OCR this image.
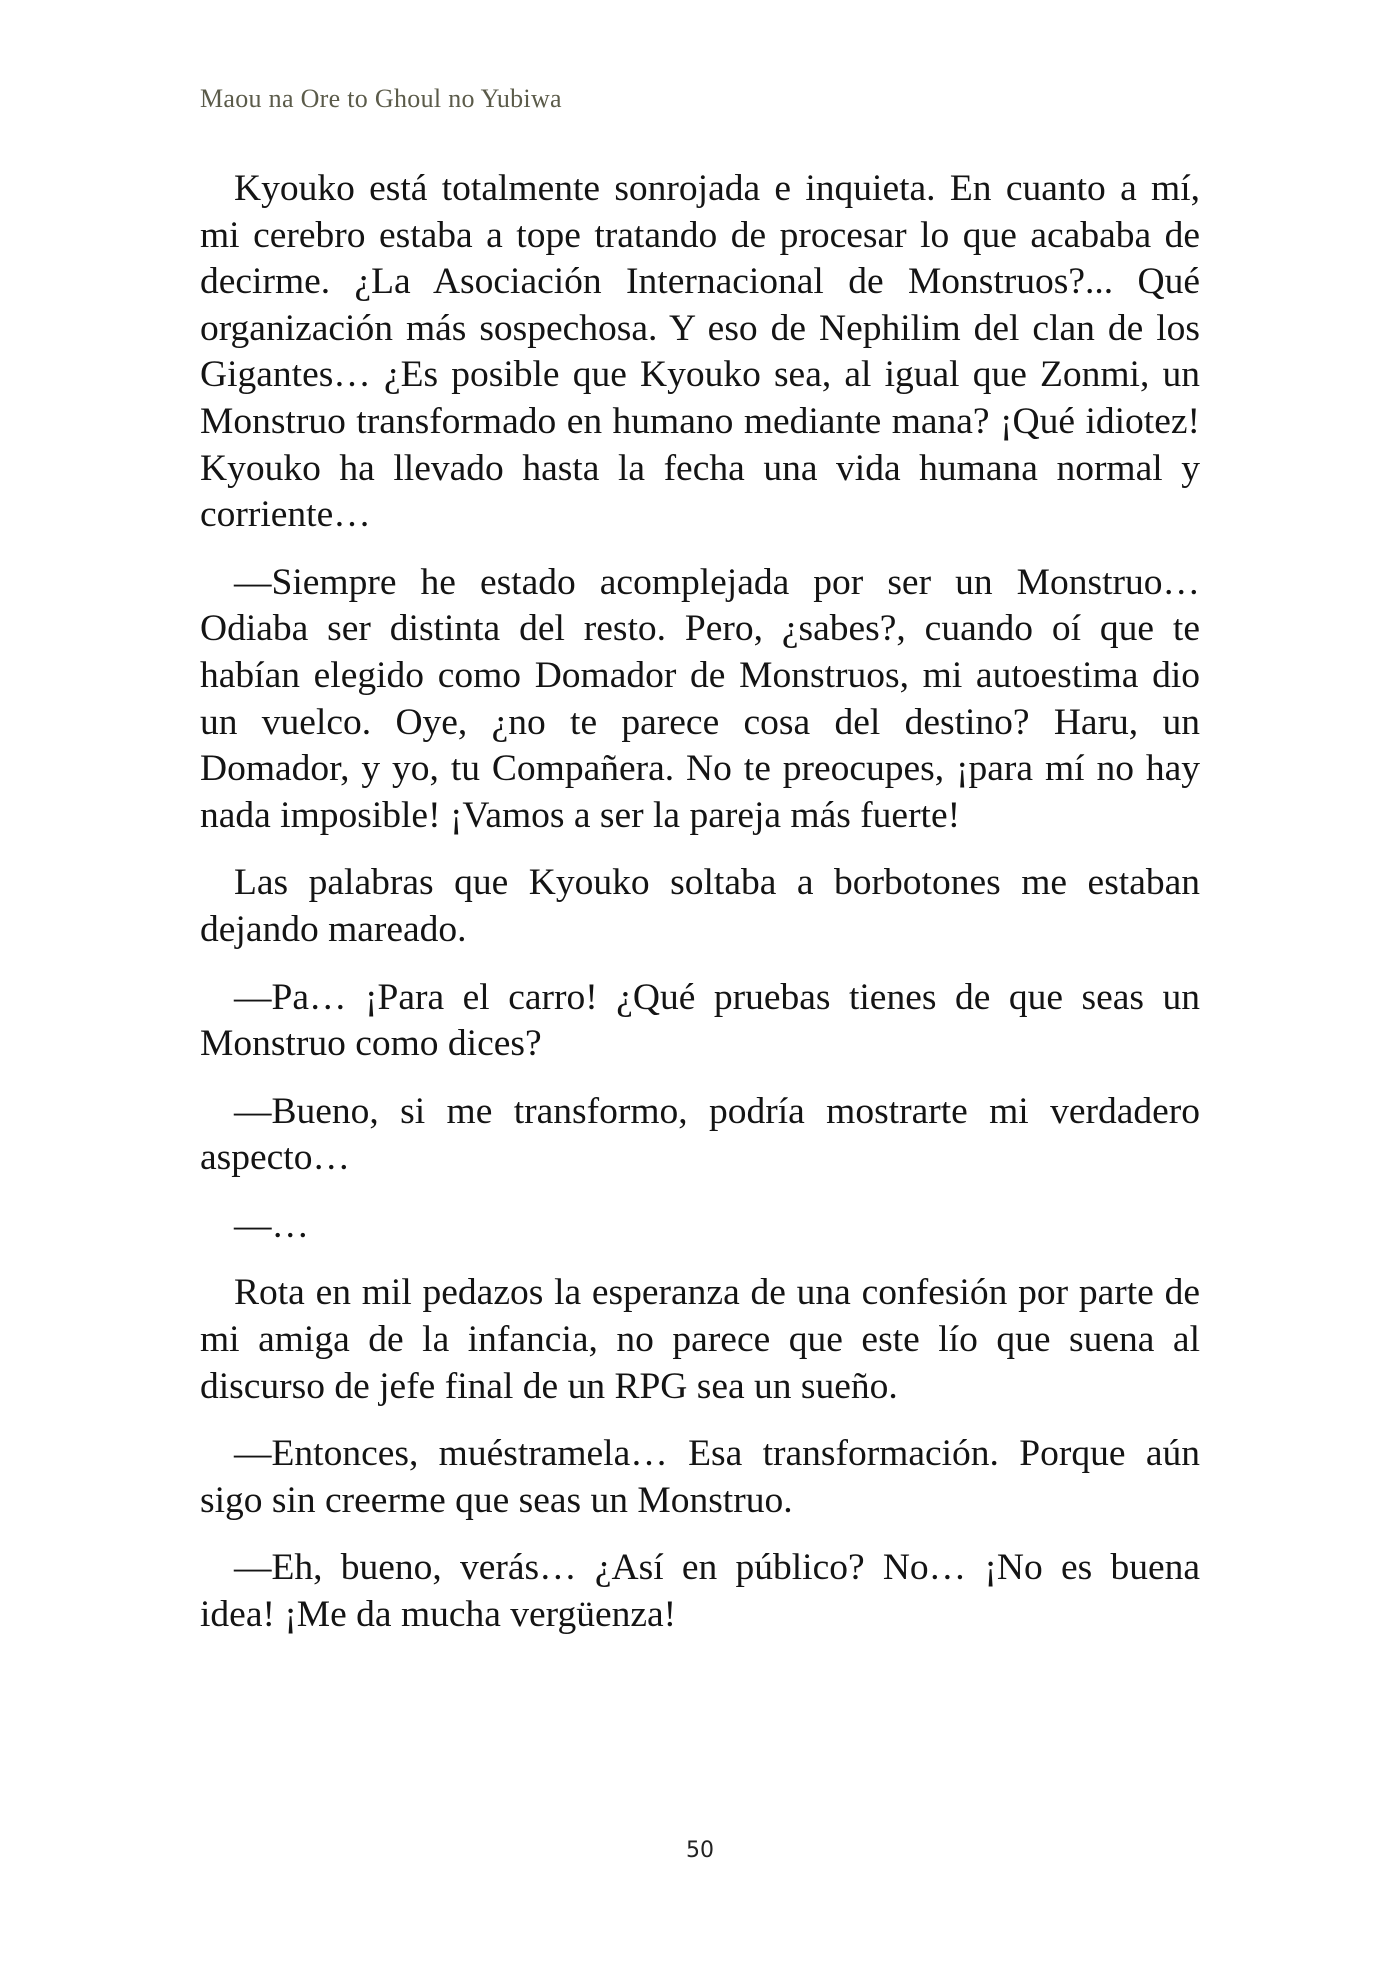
Maou na Ore to Ghoul no Yubiwa

Kyouko está totalmente sonrojada e inquieta. En cuanto a mí, mi cerebro estaba a tope tratando de procesar lo que acababa de decirme. ¿La Asociación Internacional de Monstruos?... Qué organización más sospechosa. Y eso de Nephilim del clan de los Gigantes… ¿Es posible que Kyouko sea, al igual que Zonmi, un Monstruo transformado en humano mediante mana? ¡Qué idiotez! Kyouko ha llevado hasta la fecha una vida humana normal y corriente…

—Siempre he estado acomplejada por ser un Monstruo… Odiaba ser distinta del resto. Pero, ¿sabes?, cuando oí que te habían elegido como Domador de Monstruos, mi autoestima dio un vuelco. Oye, ¿no te parece cosa del destino? Haru, un Domador, y yo, tu Compañera. No te preocupes, ¡para mí no hay nada imposible! ¡Vamos a ser la pareja más fuerte!

Las palabras que Kyouko soltaba a borbotones me estaban dejando mareado.

—Pa… ¡Para el carro! ¿Qué pruebas tienes de que seas un Monstruo como dices?

—Bueno, si me transformo, podría mostrarte mi verdadero aspecto…

—…

Rota en mil pedazos la esperanza de una confesión por parte de mi amiga de la infancia, no parece que este lío que suena al discurso de jefe final de un RPG sea un sueño.

—Entonces, muéstramela… Esa transformación. Porque aún sigo sin creerme que seas un Monstruo.

—Eh, bueno, verás… ¿Así en público? No… ¡No es buena idea! ¡Me da mucha vergüenza!

50
